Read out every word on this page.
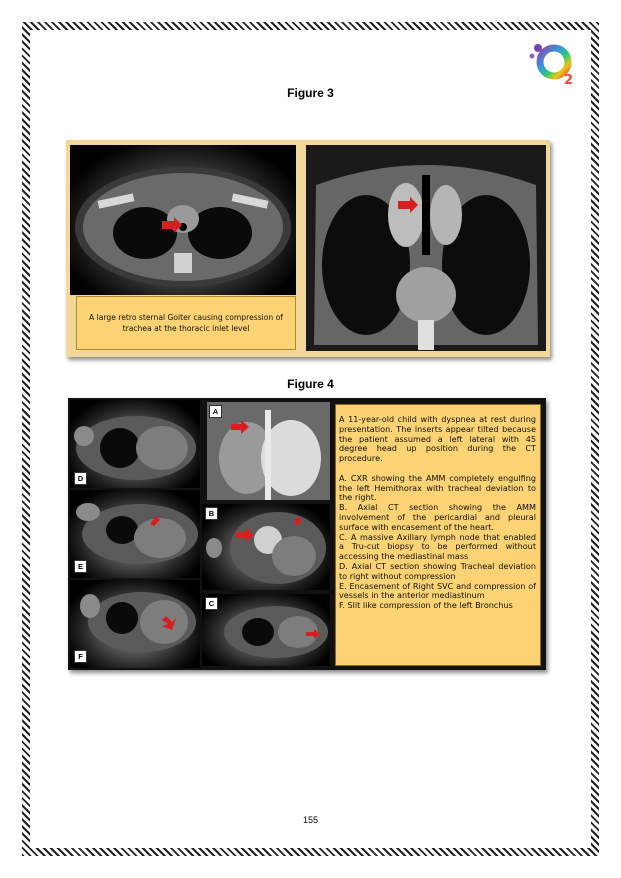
2
Figure 3
A large retro sternal Goiter causing compression of trachea at the thoracic inlet level
Figure 4
D
E
F
A
B
C

A 11-year-old child with dyspnea at rest during presentation. The inserts appear tilted because the patient assumed a left lateral with 45 degree head up position during the CT procedure.

A. CXR showing the AMM completely engulfing the left Hemithorax with tracheal deviation to the right.

B. Axial CT section showing the AMM involvement of the pericardial and pleural surface with encasement of the heart.

C. A massive Axillary lymph node that enabled a Tru-cut biopsy to be performed without accessing the mediastinal mass

D. Axial CT section showing Tracheal deviation to right without compression

E. Encasement of Right SVC and compression of vessels in the anterior mediastinum

F. Slit like compression of the left Bronchus

155
